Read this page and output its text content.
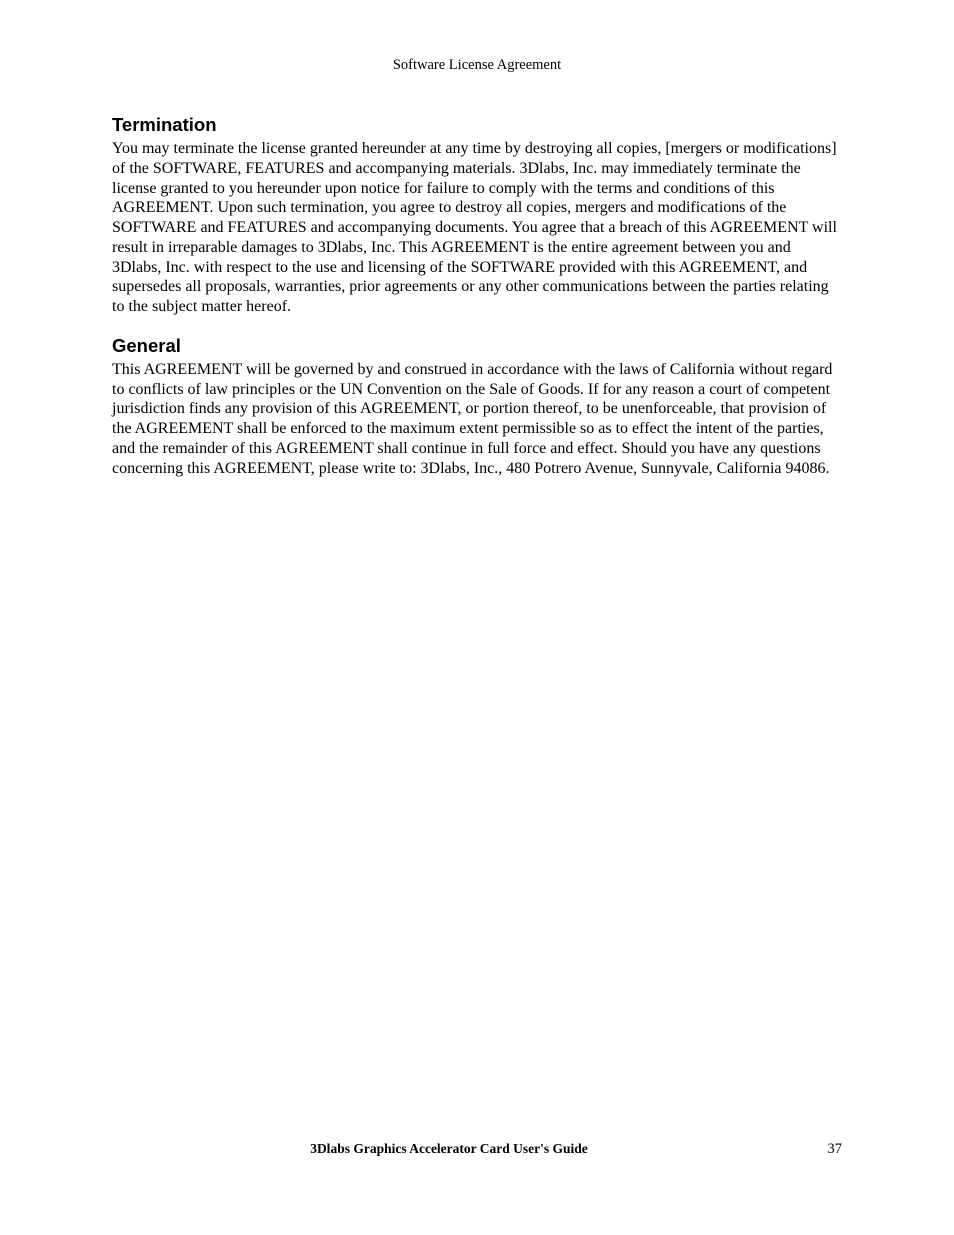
Software License Agreement
Termination

You may terminate the license granted hereunder at any time by destroying all copies, [mergers or modifications] of the SOFTWARE, FEATURES and accompanying materials. 3Dlabs, Inc. may immediately terminate the license granted to you hereunder upon notice for failure to comply with the terms and conditions of this AGREEMENT. Upon such termination, you agree to destroy all copies, mergers and modifications of the SOFTWARE and FEATURES and accompanying documents. You agree that a breach of this AGREEMENT will result in irreparable damages to 3Dlabs, Inc. This AGREEMENT is the entire agreement between you and 3Dlabs, Inc. with respect to the use and licensing of the SOFTWARE provided with this AGREEMENT, and supersedes all proposals, warranties, prior agreements or any other communications between the parties relating to the subject matter hereof.

General

This AGREEMENT will be governed by and construed in accordance with the laws of California without regard to conflicts of law principles or the UN Convention on the Sale of Goods. If for any reason a court of competent jurisdiction finds any provision of this AGREEMENT, or portion thereof, to be unenforceable, that provision of the AGREEMENT shall be enforced to the maximum extent permissible so as to effect the intent of the parties, and the remainder of this AGREEMENT shall continue in full force and effect. Should you have any questions concerning this AGREEMENT, please write to: 3Dlabs, Inc., 480 Potrero Avenue, Sunnyvale, California 94086.

3Dlabs Graphics Accelerator Card User's Guide	37
